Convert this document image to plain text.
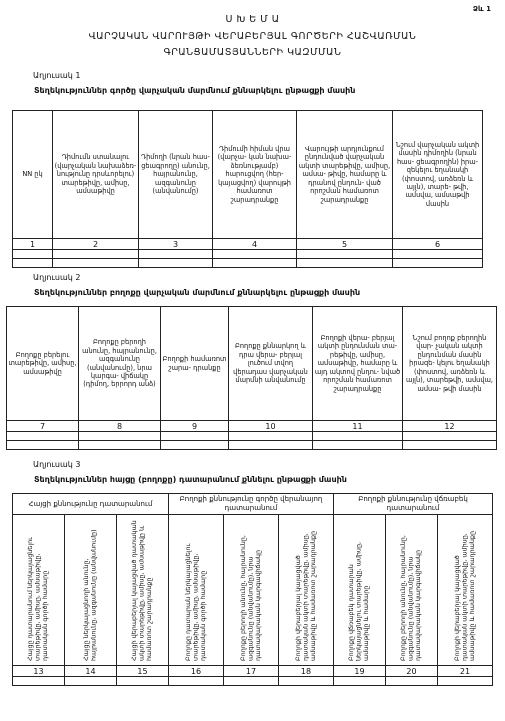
Ձև 1
Ս Խ Ե Մ Ա
ՎԱՐՉԱԿԱՆ ՎԱՐՈՒՅԹԻ ՎԵՐԱԲԵՐՅԱԼ ԳՈՐԾԵՐԻ ՀԱՇՎԱՌՄԱՆ
ԳՐԱՆՑԱՄԱՏՅԱՆՆԵՐԻ ԿԱԶՄՄԱՆ
Աղյուսակ 1
Տեղեկություններ գործը վարչական մարմնում քննարկելու ընթացքի մասին
NN ըկ	Դիմումն ստանալու (վարչական նախաձեռ- նությունը դրսևորելու) տարեթիվը, ամիսը, ամսաթիվը	Դիմողի (նրան հաս- ցեագրողը) անունը, հայրանունը, ազգանունը (անվանումը)	Դիմումի հիման վրա (վարչա- կան նախա- ձեռնությամբ) հարուցվող (հեր- կայացվող) վարույթի համառոտ շարադրանքը	Վարույթի արդյունքում ընդունված վարչական ակտի տարեթիվը, ամիսը, ամսա- թիվը, համարը և դրանով ընդուն- ված որոշման համառոտ շարադրանքը	Նշում վարչական ակտի մասին դիմողին (նրան հաս- ցեագրողին) իրա- զեկելու եղանակի (փոստով, առձեռն և այլն), տարե- թվի, ամսվա, ամսաթվի մասին
1	2	3	4	5	6

Աղյուսակ 2
Տեղեկություններ բողոքը վարչական մարմնում քննարկելու ընթացքի մասին
Բողոքը բերելու տարեթիվը, ամիսը, ամսաթիվը	Բողոքը բերողի անունը, հայրանունը, ազգանունը (անվանումը), նրա կարգա- վիճակը (դիմող, երրորդ անձ)	Բողոքի համառոտ շարա- դրանքը	Բողոքը քննարկող և դրա վերա- բերյալ լուծում տվող վերադաս վարչական մարմնի անվանումը	Բողոքի վերա- բերյալ ակտի ընդունման տա- րեթիվը, ամիսը, ամսաթիվը, համարը և այդ ակտով ընդու- նված որոշման համառոտ շարադրանքը	Նշում բողոք բերողին վար- չական ակտի ընդունման մասին իրազե- կելու եղանակի (փոստով, առձեռն և այլն), տարեթվի, ամսվա, ամսա- թվի մասին
7	8	9	10	11	12

Աղյուսակ 3
Տեղեկություններ հայցը (բողոքը) դատարանում քննելու ընթացքի մասին
Հայցի քննությունը դատարանում			Բողոքի քննությունը գործը վերանայող դատարանում			Բողոքի քննությունը վճռաբեկ դատարանում		
Հայցը դատարանում ներկայացնելու տարեթիվը, ամիսը, ամսաթիվը, դատական գործի համարը	Հայցը ներկայացնողի անունը, հայրանունը, ազգանունը (անվանումը)	Հայցի վերաբերյալ կայացված դատական ակտի տարեթիվը, ամիսը, ամսաթիվը և համառոտ շարադրանքը	Բողոքը դատարան ներկայացնելու տարեթիվը, ամիսը, ամսաթիվը, դատական գործի համարը	Բողոքը բերողի անունը, հայրանունը, ազգանունը (անվանումը), նրա դատավարական կարգավիճակը	Բողոքի վերաբերյալ կայացված դատական ակտի տարեթիվը, ամիսը, ամսաթիվը և համառոտ շարադրանքը	Բողոքը վճռաբեկ դատարան ներկայացնելու տարեթիվը, ամիսը, ամսաթիվը և համարը	Բողոքը բերողի անունը, հայրանունը, ազգանունը (անվանումը), նրա դատավարական կարգավիճակը	Բողոքի վերաբերյալ կայացված դատական ակտի տարեթիվը, ամիսը, ամսաթիվը և համառոտ շարադրանքը
13	14	15	16	17	18	19	20	21
